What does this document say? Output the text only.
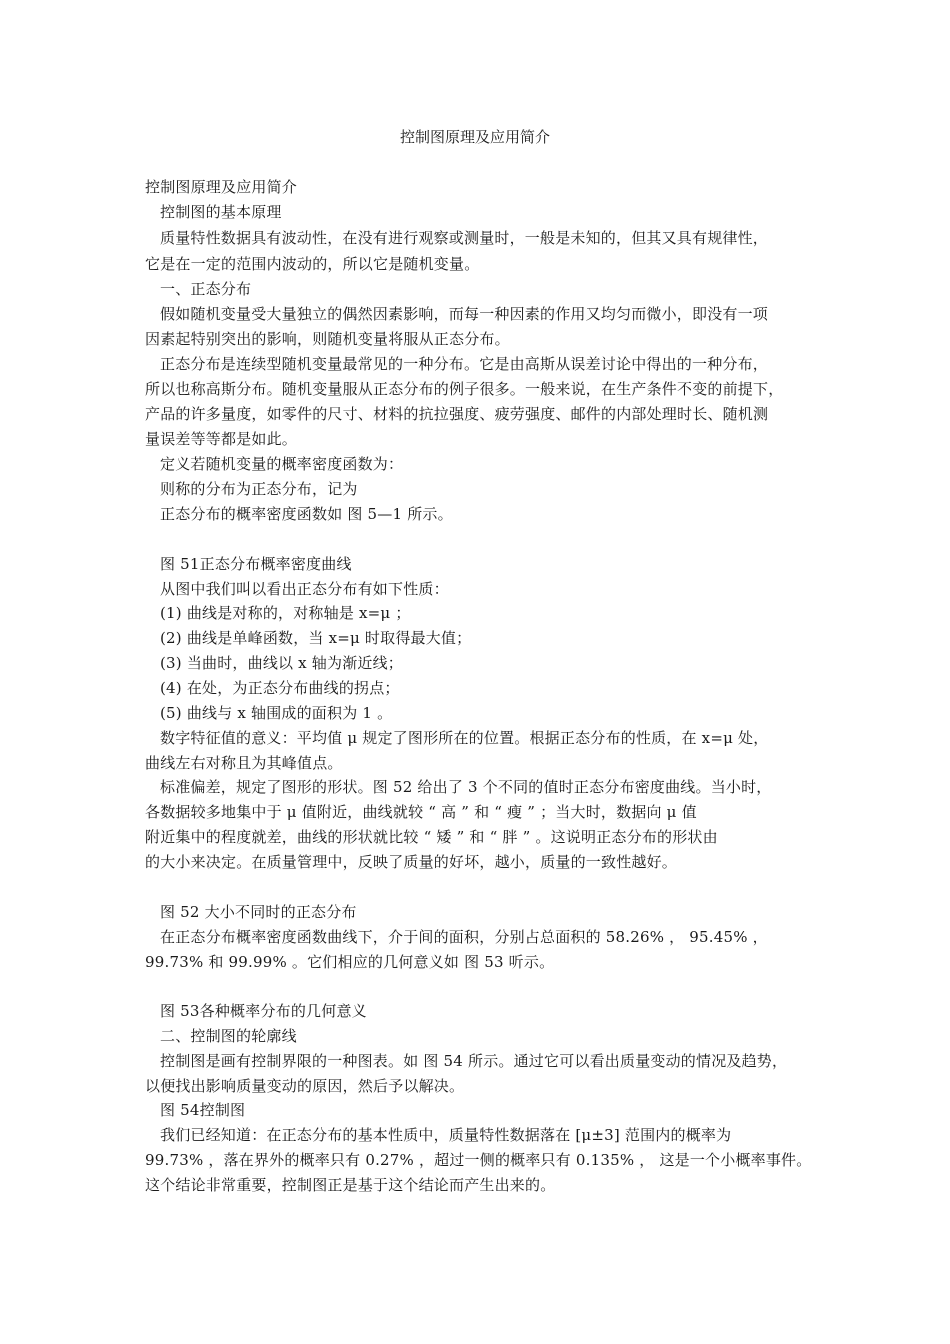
控制图原理及应用简介
控制图原理及应用简介
控制图的基本原理
质量特性数据具有波动性，在没有进行观察或测量时，一般是未知的，但其又具有规律性，
它是在一定的范围内波动的，所以它是随机变量。
一、正态分布
假如随机变量受大量独立的偶然因素影响，而每一种因素的作用又均匀而微小，即没有一项
因素起特别突出的影响，则随机变量将服从正态分布。
正态分布是连续型随机变量最常见的一种分布。它是由高斯从误差讨论中得出的一种分布，
所以也称高斯分布。随机变量服从正态分布的例子很多。一般来说，在生产条件不变的前提下，
产品的许多量度，如零件的尺寸、材料的抗拉强度、疲劳强度、邮件的内部处理时长、随机测
量误差等等都是如此。
定义若随机变量的概率密度函数为：
则称的分布为正态分布，记为
正态分布的概率密度函数如 图 5—1 所示。
图 51正态分布概率密度曲线
从图中我们叫以看出正态分布有如下性质：
(1) 曲线是对称的，对称轴是 x=μ ；
(2) 曲线是单峰函数，当 x=μ 时取得最大值；
(3) 当曲时，曲线以 x 轴为渐近线；
(4) 在处，为正态分布曲线的拐点；
(5) 曲线与 x 轴围成的面积为 1 。
数字特征值的意义：平均值 μ 规定了图形所在的位置。根据正态分布的性质，在 x=μ 处，
曲线左右对称且为其峰值点。
标准偏差，规定了图形的形状。图 52 给出了 3 个不同的值时正态分布密度曲线。当小时，
各数据较多地集中于 μ 值附近，曲线就较 “ 高 ” 和 “ 瘦 ” ；当大时，数据向 μ 值
附近集中的程度就差，曲线的形状就比较 “ 矮 ” 和 “ 胖 ” 。这说明正态分布的形状由
的大小来决定。在质量管理中，反映了质量的好坏，越小，质量的一致性越好。
图 52 大小不同时的正态分布
在正态分布概率密度函数曲线下，介于间的面积，分别占总面积的 58.26% ， 95.45% ，
99.73% 和 99.99% 。它们相应的几何意义如 图 53 听示。
图 53各种概率分布的几何意义
二、控制图的轮廓线
控制图是画有控制界限的一种图表。如 图 54 所示。通过它可以看出质量变动的情况及趋势，
以便找出影响质量变动的原因，然后予以解决。
图 54控制图
我们已经知道：在正态分布的基本性质中，质量特性数据落在 [μ±3] 范围内的概率为
99.73% ，落在界外的概率只有 0.27% ，超过一侧的概率只有 0.135% ， 这是一个小概率事件。
这个结论非常重要，控制图正是基于这个结论而产生出来的。
